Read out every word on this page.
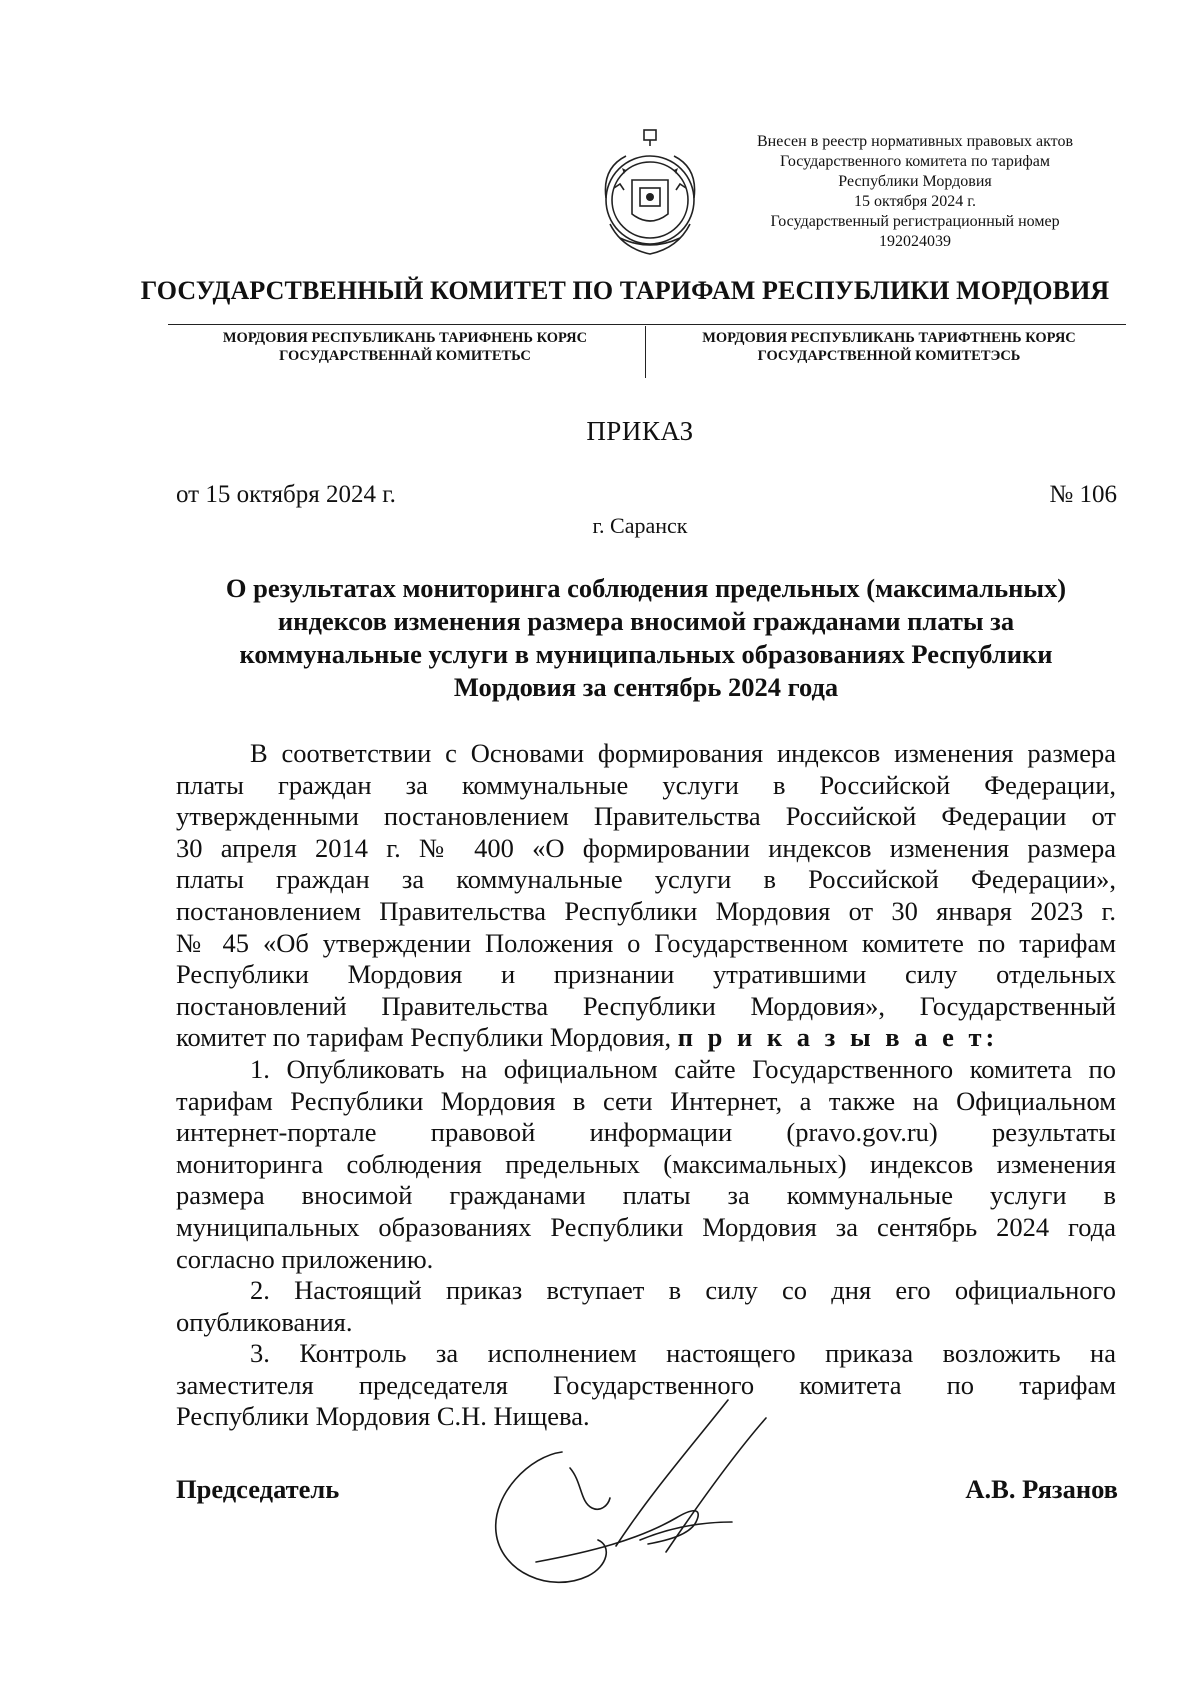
Внесен в реестр нормативных правовых актов
Государственного комитета по тарифам
Республики Мордовия
15 октября 2024 г.
Государственный регистрационный номер
192024039
ГОСУДАРСТВЕННЫЙ КОМИТЕТ ПО ТАРИФАМ РЕСПУБЛИКИ МОРДОВИЯ
МОРДОВИЯ РЕСПУБЛИКАНЬ ТАРИФНЕНЬ КОРЯС
ГОСУДАРСТВЕННАЙ КОМИТЕТЬС
МОРДОВИЯ РЕСПУБЛИКАНЬ ТАРИФТНЕНЬ КОРЯС
ГОСУДАРСТВЕННОЙ КОМИТЕТЭСЬ
ПРИКАЗ
от 15 октября 2024 г.	№ 106
г. Саранск
О результатах мониторинга соблюдения предельных (максимальных)
индексов изменения размера вносимой гражданами платы за
коммунальные услуги в муниципальных образованиях Республики
Мордовия за сентябрь 2024 года
В соответствии с Основами формирования индексов изменения размера
платы граждан за коммунальные услуги в Российской Федерации,
утвержденными постановлением Правительства Российской Федерации от
30 апреля 2014 г. № 400 «О формировании индексов изменения размера
платы граждан за коммунальные услуги в Российской Федерации»,
постановлением Правительства Республики Мордовия от 30 января 2023 г.
№ 45 «Об утверждении Положения о Государственном комитете по тарифам
Республики Мордовия и признании утратившими силу отдельных
постановлений Правительства Республики Мордовия», Государственный
комитет по тарифам Республики Мордовия, п р и к а з ы в а е т:
1. Опубликовать на официальном сайте Государственного комитета по
тарифам Республики Мордовия в сети Интернет, а также на Официальном
интернет-портале правовой информации (pravo.gov.ru) результаты
мониторинга соблюдения предельных (максимальных) индексов изменения
размера вносимой гражданами платы за коммунальные услуги в
муниципальных образованиях Республики Мордовия за сентябрь 2024 года
согласно приложению.
2. Настоящий приказ вступает в силу со дня его официального
опубликования.
3. Контроль за исполнением настоящего приказа возложить на
заместителя председателя Государственного комитета по тарифам
Республики Мордовия С.Н. Нищева.
Председатель	А.В. Рязанов
